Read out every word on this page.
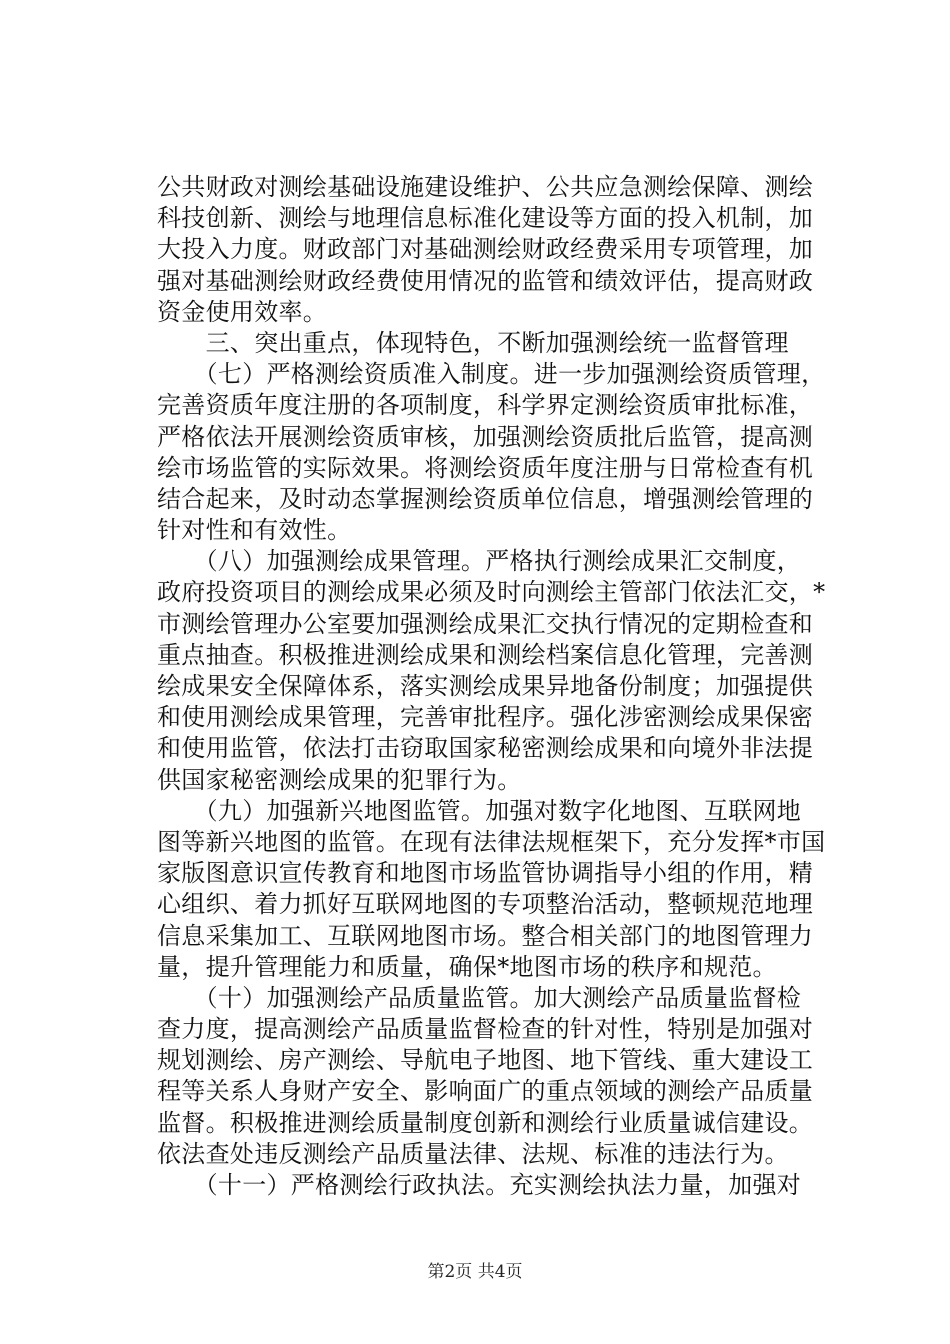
公共财政对测绘基础设施建设维护、公共应急测绘保障、测绘
科技创新、测绘与地理信息标准化建设等方面的投入机制，加
大投入力度。财政部门对基础测绘财政经费采用专项管理，加
强对基础测绘财政经费使用情况的监管和绩效评估，提高财政
资金使用效率。
　　三、突出重点，体现特色，不断加强测绘统一监督管理
　　（七）严格测绘资质准入制度。进一步加强测绘资质管理，
完善资质年度注册的各项制度，科学界定测绘资质审批标准，
严格依法开展测绘资质审核，加强测绘资质批后监管，提高测
绘市场监管的实际效果。将测绘资质年度注册与日常检查有机
结合起来，及时动态掌握测绘资质单位信息，增强测绘管理的
针对性和有效性。
　　（八）加强测绘成果管理。严格执行测绘成果汇交制度，
政府投资项目的测绘成果必须及时向测绘主管部门依法汇交，*
市测绘管理办公室要加强测绘成果汇交执行情况的定期检查和
重点抽查。积极推进测绘成果和测绘档案信息化管理，完善测
绘成果安全保障体系，落实测绘成果异地备份制度；加强提供
和使用测绘成果管理，完善审批程序。强化涉密测绘成果保密
和使用监管，依法打击窃取国家秘密测绘成果和向境外非法提
供国家秘密测绘成果的犯罪行为。
　　（九）加强新兴地图监管。加强对数字化地图、互联网地
图等新兴地图的监管。在现有法律法规框架下，充分发挥*市国
家版图意识宣传教育和地图市场监管协调指导小组的作用，精
心组织、着力抓好互联网地图的专项整治活动，整顿规范地理
信息采集加工、互联网地图市场。整合相关部门的地图管理力
量，提升管理能力和质量，确保*地图市场的秩序和规范。
　　（十）加强测绘产品质量监管。加大测绘产品质量监督检
查力度，提高测绘产品质量监督检查的针对性，特别是加强对
规划测绘、房产测绘、导航电子地图、地下管线、重大建设工
程等关系人身财产安全、影响面广的重点领域的测绘产品质量
监督。积极推进测绘质量制度创新和测绘行业质量诚信建设。
依法查处违反测绘产品质量法律、法规、标准的违法行为。
　　（十一）严格测绘行政执法。充实测绘执法力量，加强对
第2页 共4页
